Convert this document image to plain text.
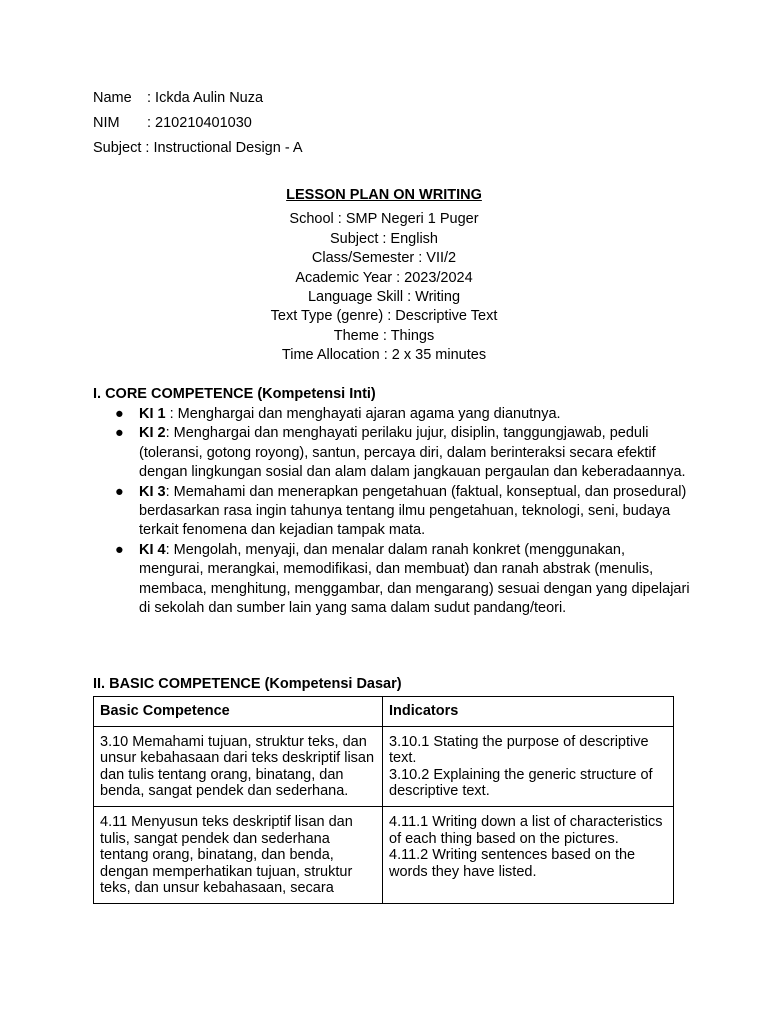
Name : Ickda Aulin Nuza
NIM : 210210401030
Subject : Instructional Design - A
LESSON PLAN ON WRITING
School : SMP Negeri 1 Puger
Subject : English
Class/Semester : VII/2
Academic Year : 2023/2024
Language Skill : Writing
Text Type (genre) : Descriptive Text
Theme : Things
Time Allocation : 2 x 35 minutes
I. CORE COMPETENCE (Kompetensi Inti)
● KI 1 : Menghargai dan menghayati ajaran agama yang dianutnya.
● KI 2: Menghargai dan menghayati perilaku jujur, disiplin, tanggungjawab, peduli (toleransi, gotong royong), santun, percaya diri, dalam berinteraksi secara efektif dengan lingkungan sosial dan alam dalam jangkauan pergaulan dan keberadaannya.
● KI 3: Memahami dan menerapkan pengetahuan (faktual, konseptual, dan prosedural) berdasarkan rasa ingin tahunya tentang ilmu pengetahuan, teknologi, seni, budaya terkait fenomena dan kejadian tampak mata.
● KI 4: Mengolah, menyaji, dan menalar dalam ranah konkret (menggunakan, mengurai, merangkai, memodifikasi, dan membuat) dan ranah abstrak (menulis, membaca, menghitung, menggambar, dan mengarang) sesuai dengan yang dipelajari di sekolah dan sumber lain yang sama dalam sudut pandang/teori.
II. BASIC COMPETENCE (Kompetensi Dasar)
Basic Competence	Indicators
3.10 Memahami tujuan, struktur teks, dan unsur kebahasaan dari teks deskriptif lisan dan tulis tentang orang, binatang, dan benda, sangat pendek dan sederhana.	3.10.1 Stating the purpose of descriptive text.
3.10.2 Explaining the generic structure of descriptive text.

4.11 Menyusun teks deskriptif lisan dan tulis, sangat pendek dan sederhana tentang orang, binatang, dan benda, dengan memperhatikan tujuan, struktur teks, dan unsur kebahasaan, secara	4.11.1 Writing down a list of characteristics of each thing based on the pictures.
4.11.2 Writing sentences based on the words they have listed.
